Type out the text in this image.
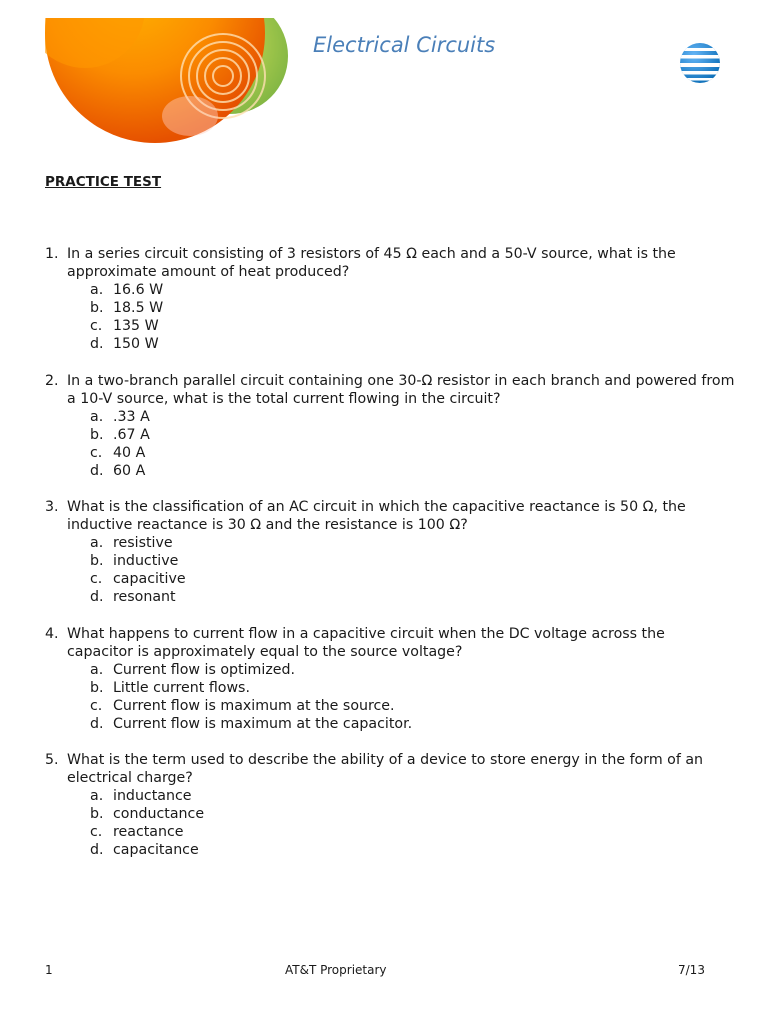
Electrical Circuits
PRACTICE TEST
1. In a series circuit consisting of 3 resistors of 45 Ω each and a 50-V source, what is the approximate amount of heat produced?
a. 16.6 W
b. 18.5 W
c. 135 W
d. 150 W
2. In a two-branch parallel circuit containing one 30-Ω resistor in each branch and powered from a 10-V source, what is the total current flowing in the circuit?
a. .33 A
b. .67 A
c. 40 A
d. 60 A
3. What is the classification of an AC circuit in which the capacitive reactance is 50 Ω, the inductive reactance is 30 Ω and the resistance is 100 Ω?
a. resistive
b. inductive
c. capacitive
d. resonant
4. What happens to current flow in a capacitive circuit when the DC voltage across the capacitor is approximately equal to the source voltage?
a. Current flow is optimized.
b. Little current flows.
c. Current flow is maximum at the source.
d. Current flow is maximum at the capacitor.
5. What is the term used to describe the ability of a device to store energy in the form of an electrical charge?
a. inductance
b. conductance
c. reactance
d. capacitance
1	AT&T Proprietary	7/13
